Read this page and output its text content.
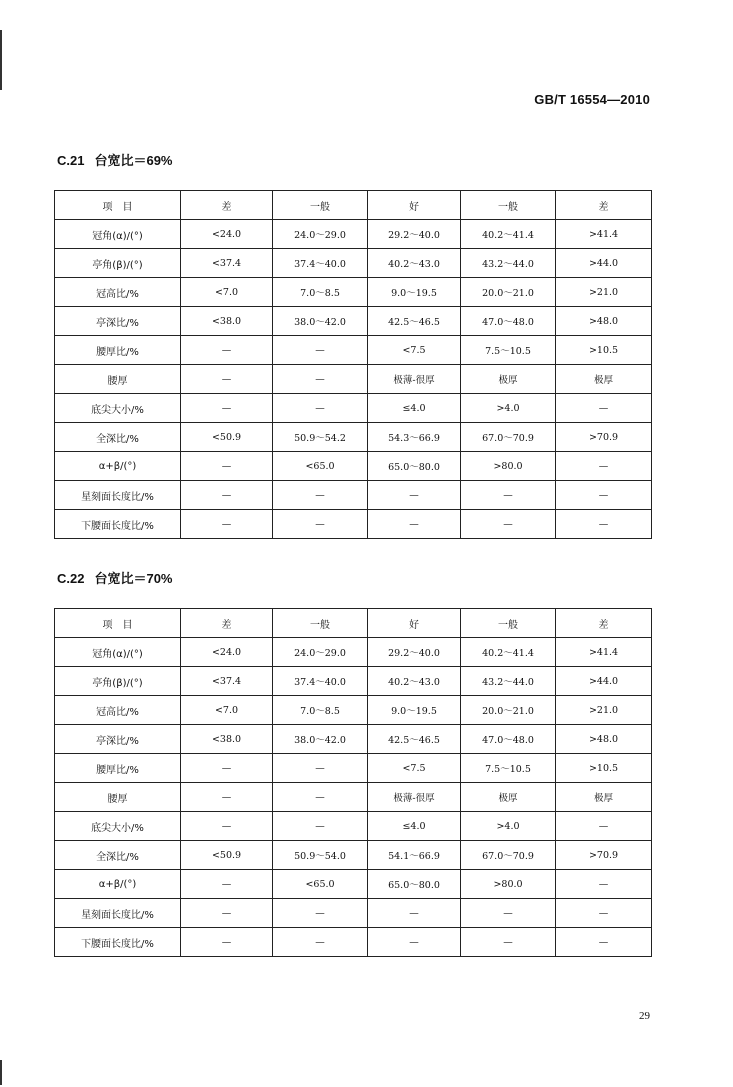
GB/T 16554—2010
C.21 台宽比＝69%
项　目	差	一般	好	一般	差
冠角(α)/(°)	<24.0	24.0～29.0	29.2～40.0	40.2～41.4	>41.4
亭角(β)/(°)	<37.4	37.4～40.0	40.2～43.0	43.2～44.0	>44.0
冠高比/%	<7.0	7.0～8.5	9.0～19.5	20.0～21.0	>21.0
亭深比/%	<38.0	38.0～42.0	42.5～46.5	47.0～48.0	>48.0
腰厚比/%	—	—	<7.5	7.5～10.5	>10.5
腰厚	—	—	极薄-很厚	极厚	极厚
底尖大小/%	—	—	≤4.0	>4.0	—
全深比/%	<50.9	50.9～54.2	54.3～66.9	67.0～70.9	>70.9
α+β/(°)	—	<65.0	65.0～80.0	>80.0	—
星刻面长度比/%	—	—	—	—	—
下腰面长度比/%	—	—	—	—	—
C.22 台宽比＝70%
项　目	差	一般	好	一般	差
冠角(α)/(°)	<24.0	24.0～29.0	29.2～40.0	40.2～41.4	>41.4
亭角(β)/(°)	<37.4	37.4～40.0	40.2～43.0	43.2～44.0	>44.0
冠高比/%	<7.0	7.0～8.5	9.0～19.5	20.0～21.0	>21.0
亭深比/%	<38.0	38.0～42.0	42.5～46.5	47.0～48.0	>48.0
腰厚比/%	—	—	<7.5	7.5～10.5	>10.5
腰厚	—	—	极薄-很厚	极厚	极厚
底尖大小/%	—	—	≤4.0	>4.0	—
全深比/%	<50.9	50.9～54.0	54.1～66.9	67.0～70.9	>70.9
α+β/(°)	—	<65.0	65.0～80.0	>80.0	—
星刻面长度比/%	—	—	—	—	—
下腰面长度比/%	—	—	—	—	—
29
